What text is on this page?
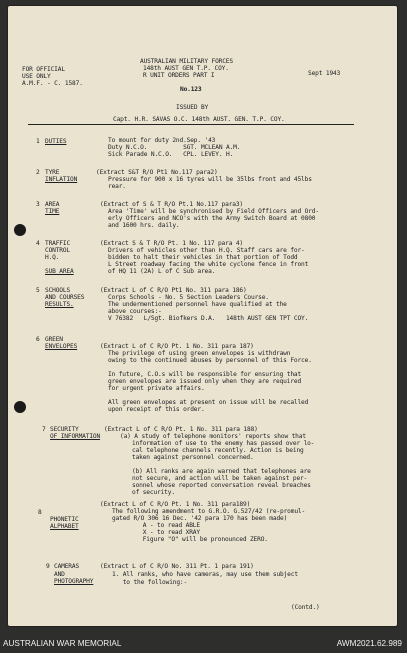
FOR OFFICIAL
USE ONLY
A.M.F. - C. 1587.
AUSTRALIAN MILITARY FORCES
148th AUST GEN T.P. COY.
R UNIT ORDERS PART I	Sept 1943
No.123
ISSUED BY
Capt. H.R. SAVAS O.C. 148th AUST. GEN. T.P. COY.
1 DUTIES	To mount for duty 2nd.Sep. '43
Duty N.C.O.          SGT. MCLEAN A.M.
Sick Parade N.C.O.   CPL. LEVEY. H.
2 TYRE
INFLATION
(Extract S&T R/O Pt1 No.117 para2)
Pressure for 900 x 16 tyres will be 35lbs front and 45lbs
rear.
3 AREA
TIME
(Extract of S & T R/O Pt.1 No.117 para3)
Area 'Time' will be synchronised by Field Officers and Ord-
erly Officers and NCO's with the Army Switch Board at 0800
and 1600 hrs. daily.
4 TRAFFIC
CONTROL
H.Q.
SUB AREA
(Extract S & T R/O Pt. 1 No. 117 para 4)
Drivers of vehicles other than H.Q. Staff cars are for-
bidden to halt their vehicles in that portion of Todd
L Street roadway facing the white cyclone fence in front
of HQ 11 (2A) L of C Sub area.
5 SCHOOLS
AND COURSES
RESULTS.
(Extract L of C R/O Pt1 No. 311 para 186)
Corps Schools - No. 5 Section Leaders Course.
The undermentioned personnel have qualified at the
above courses:-
V 76382   L/Sgt. Biofkers D.A.   148th AUST GEN TPT COY.
6 GREEN
ENVELOPES	(Extract L of C R/O Pt. 1 No. 311 para 187)
The privilege of using green envelopes is withdrawn
owing to the continued abuses by personnel of this Force.
In future, C.O.s will be responsible for ensuring that
green envelopes are issued only when they are required
for urgent private affairs.
All green envelopes at present on issue will be recalled
upon receipt of this order.
7 SECURITY
OF INFORMATION
(Extract L of C R/O Pt. 1 No. 311 para 188)
(a) A study of telephone monitors' reports show that
information of use to the enemy has passed over lo-
cal telephone channels recently. Action is being
taken against personnel concerned.
(b) All ranks are again warned that telephones are
not secure, and action will be taken against per-
sonnel whose reported conversation reveal breaches
of security.
8
PHONETIC
ALPHABET
(Extract L of C R/O Pt. 1 No. 311 para189)
The following amendment to G.R.O. G.527/42 (re-promul-
gated R/O 306 16 Dec. '42 para 170 has been made)
A - to read ABLE
X - to read XRAY
Figure "O" will be pronounced ZERO.
9 CAMERAS
AND
PHOTOGRAPHY
(Extract L of C R/O No. 311 Pt. 1 para 191)
1. All ranks, who have cameras, may use them subject
to the following:-
(Contd.)
AUSTRALIAN WAR MEMORIAL	AWM2021.62.989
